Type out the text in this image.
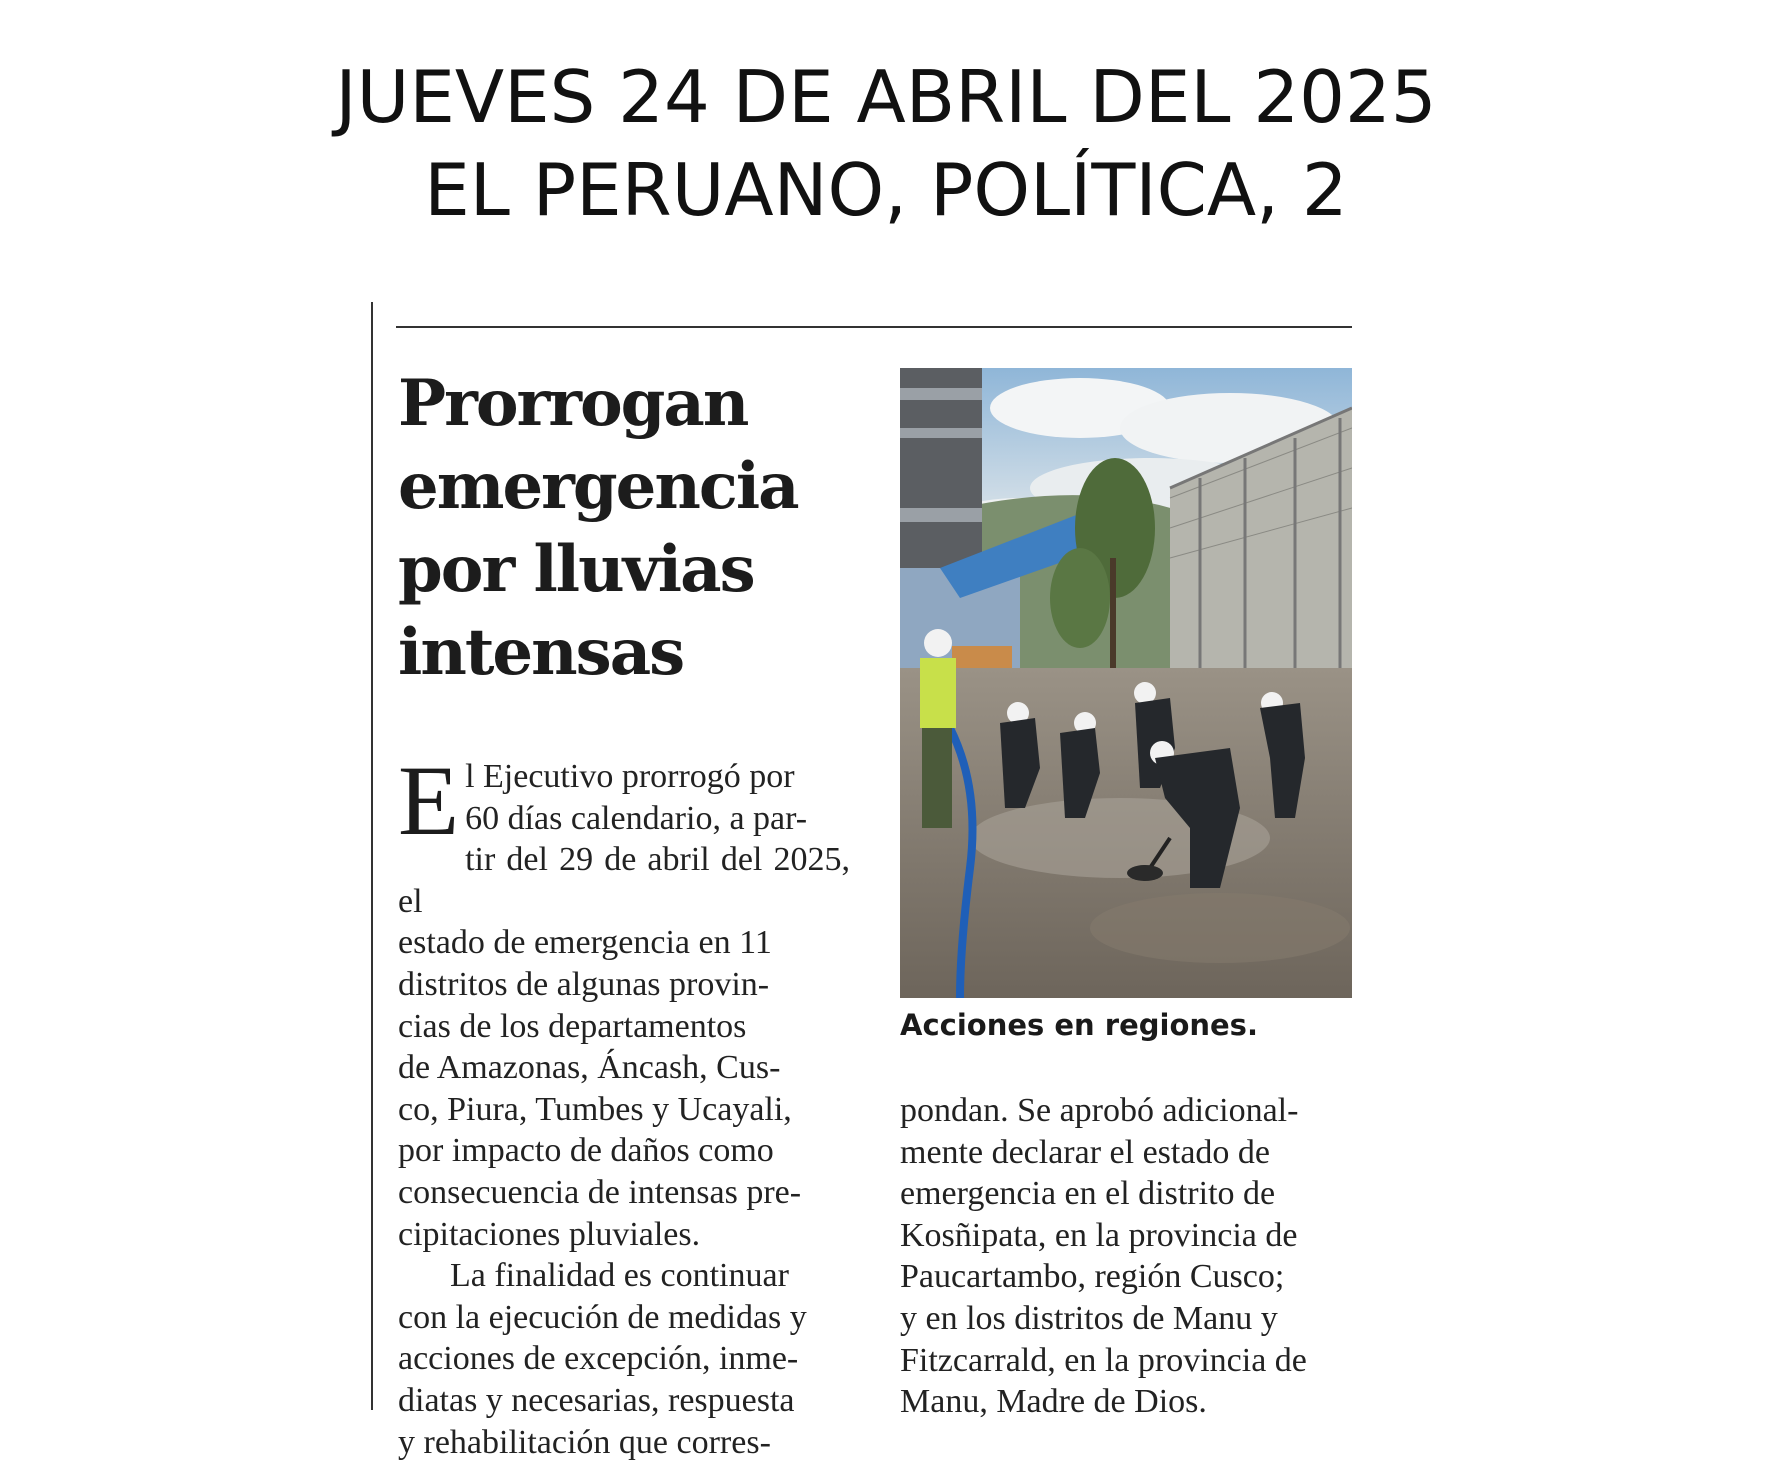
JUEVES 24 DE ABRIL DEL 2025
EL PERUANO, POLÍTICA, 2
Prorrogan emergencia por lluvias intensas

E l Ejecutivo prorrogó por
60 días calendario, a par-
tir del 29 de abril del 2025, el
estado de emergencia en 11
distritos de algunas provin-
cias de los departamentos
de Amazonas, Áncash, Cus-
co, Piura, Tumbes y Ucayali,
por impacto de daños como
consecuencia de intensas pre-
cipitaciones pluviales.

La finalidad es continuar
con la ejecución de medidas y
acciones de excepción, inme-
diatas y necesarias, respuesta
y rehabilitación que corres-

Acciones en regiones.

pondan. Se aprobó adicional-
mente declarar el estado de
emergencia en el distrito de
Kosñipata, en la provincia de
Paucartambo, región Cusco;
y en los distritos de Manu y
Fitzcarrald, en la provincia de
Manu, Madre de Dios.
